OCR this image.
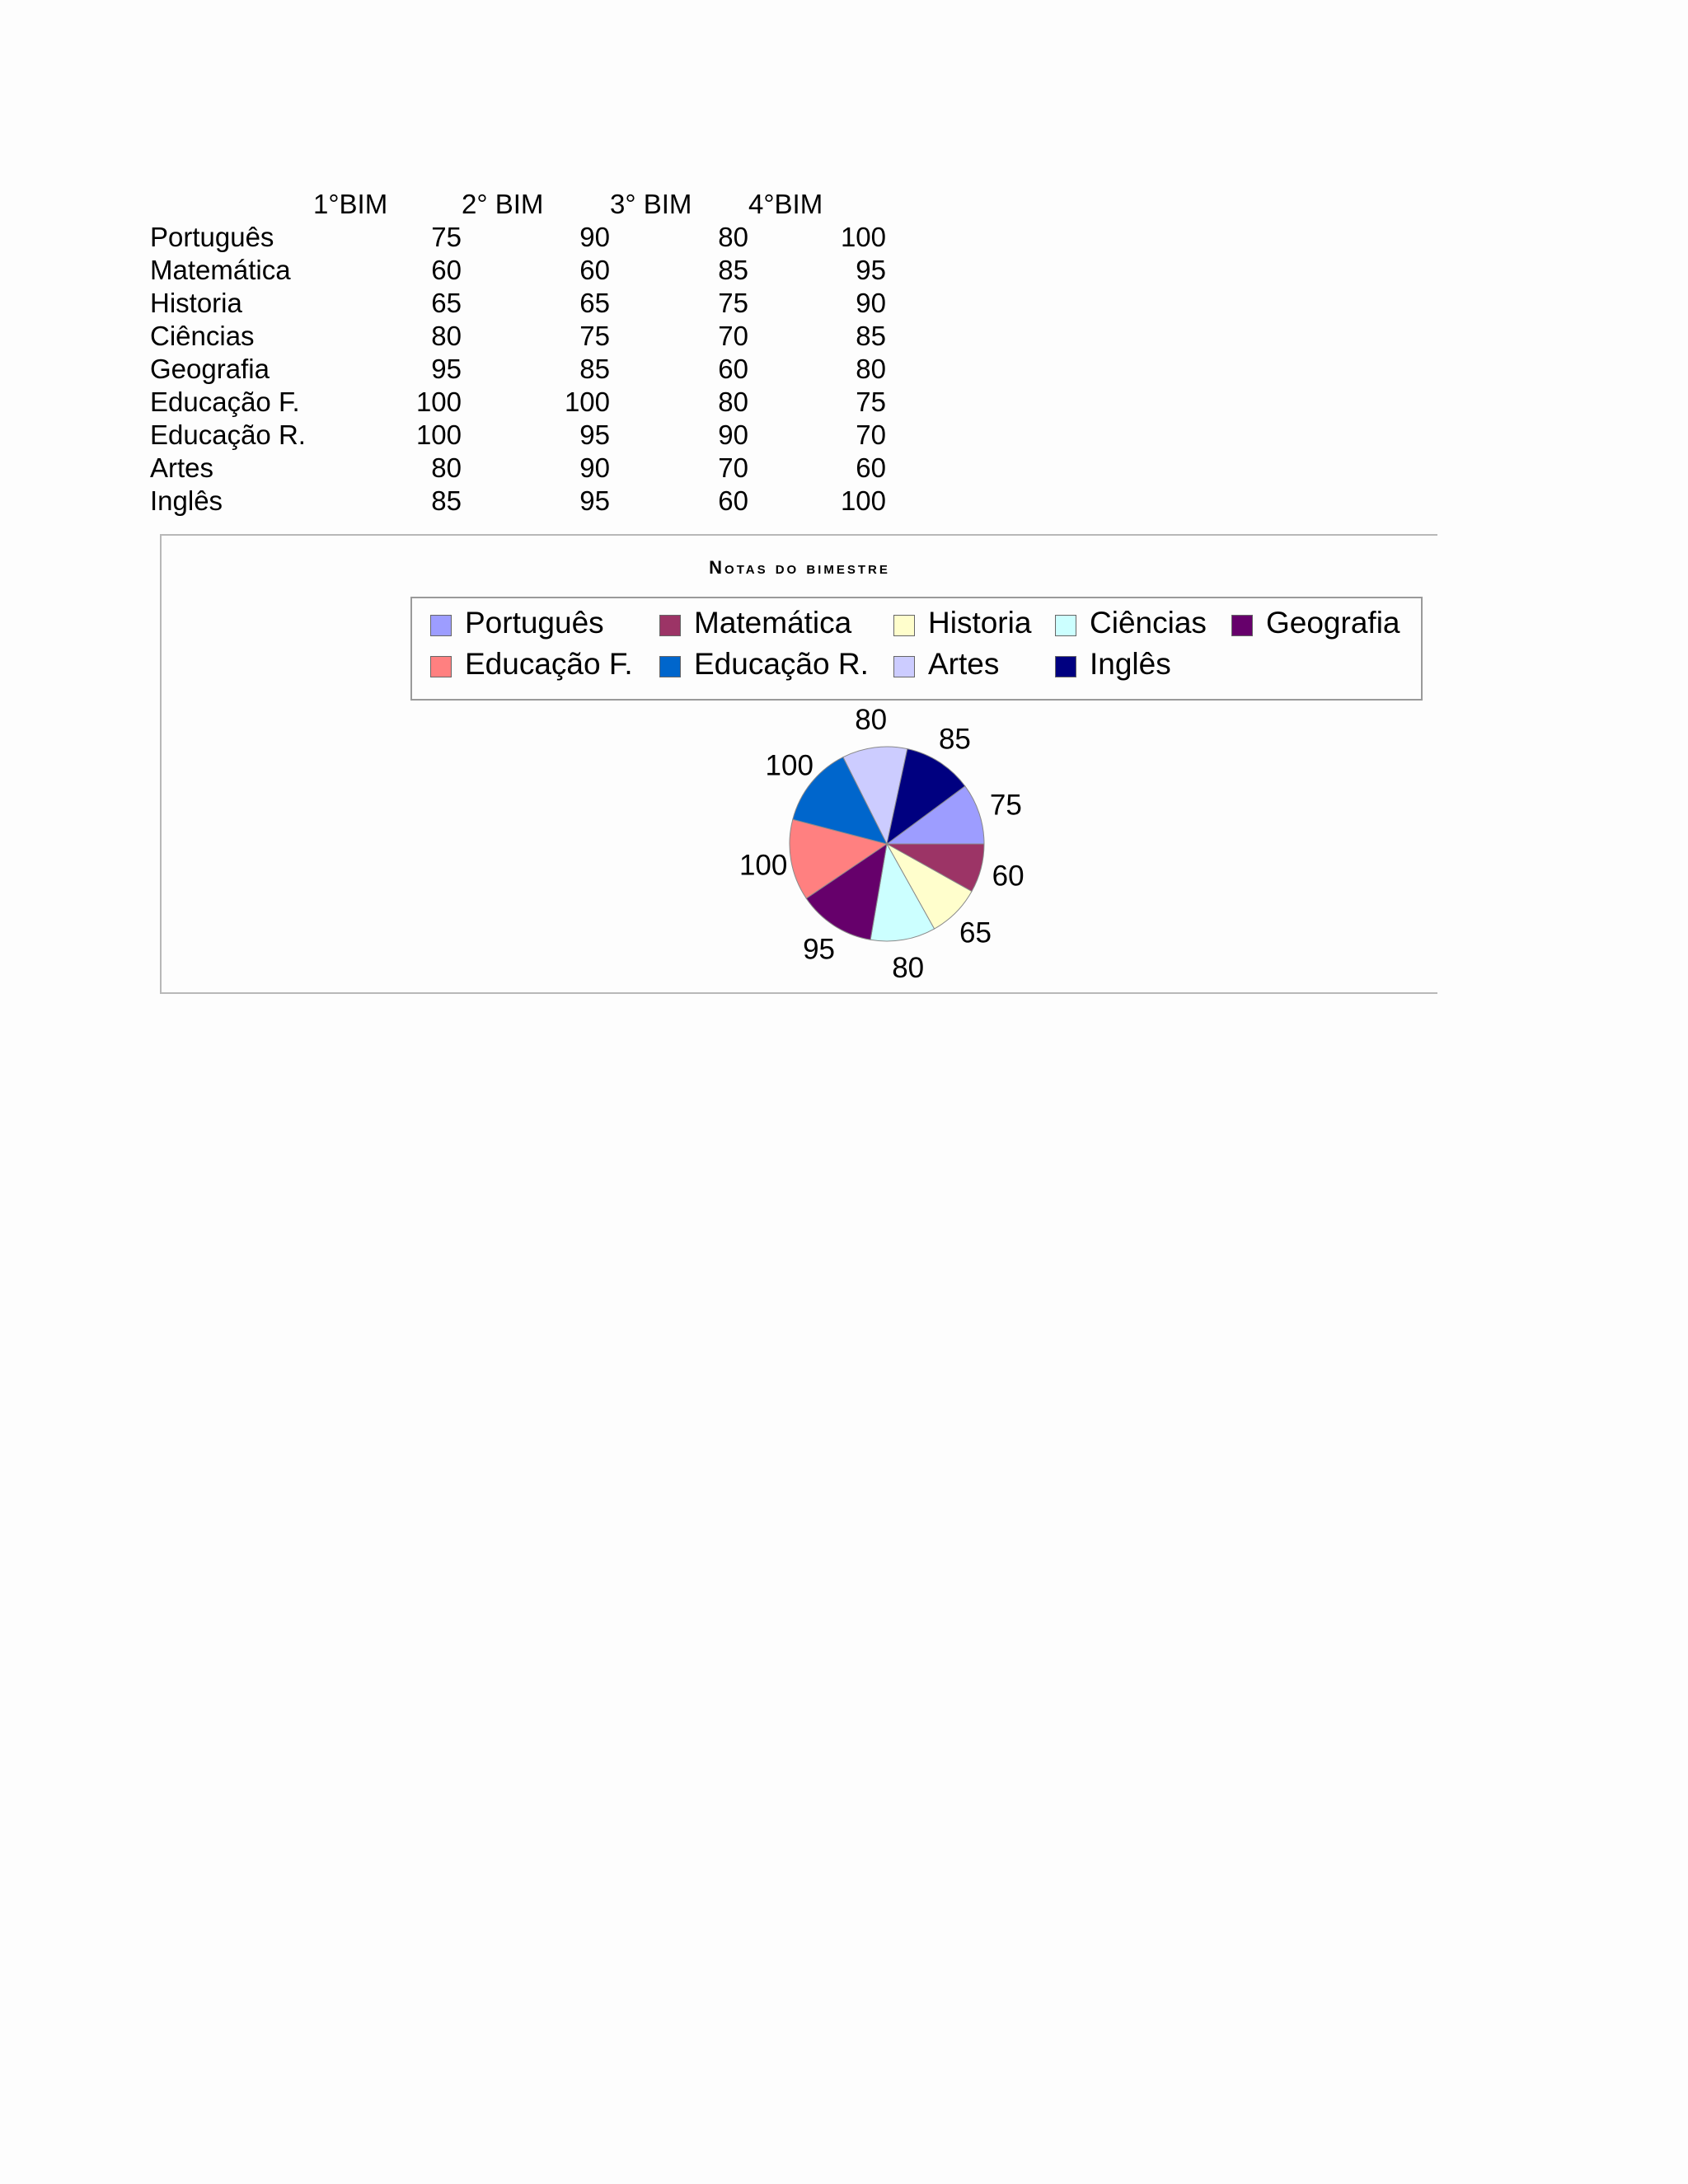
	1°BIM	2° BIM	3° BIM	4°BIM
Português	75	90	80	100
Matemática	60	60	85	95
Historia	65	65	75	90
Ciências	80	75	70	85
Geografia	95	85	60	80
Educação F.	100	100	80	75
Educação R.	100	95	90	70
Artes	80	90	70	60
Inglês	85	95	60	100
75
60
65
80
95
100
100
80
85
Notas do bimestre
Português	Matemática	Historia Ciências Geografia
Educação F. Educação R. Artes	Inglês
